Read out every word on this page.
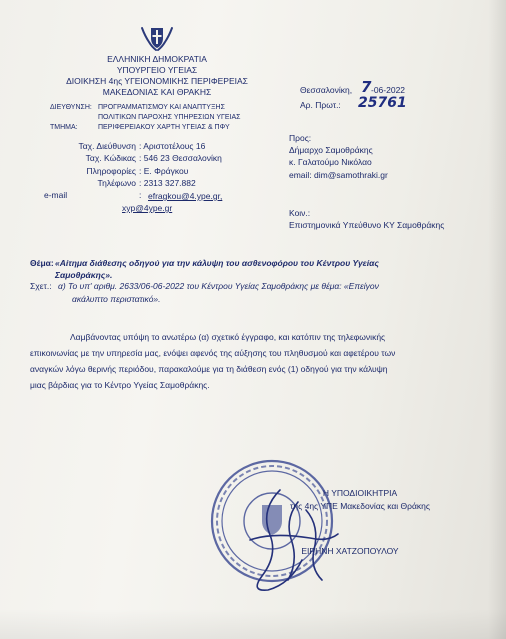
ΕΛΛΗΝΙΚΗ ΔΗΜΟΚΡΑΤΙΑ
ΥΠΟΥΡΓΕΙΟ ΥΓΕΙΑΣ
ΔΙΟΙΚΗΣΗ 4ης ΥΓΕΙΟΝΟΜΙΚΗΣ ΠΕΡΙΦΕΡΕΙΑΣ
ΜΑΚΕΔΟΝΙΑΣ ΚΑΙ ΘΡΑΚΗΣ
ΔΙΕΥΘΥΝΣΗ: ΠΡΟΓΡΑΜΜΑΤΙΣΜΟΥ ΚΑΙ ΑΝΑΠΤΥΞΗΣ
ΠΟΛΙΤΙΚΩΝ ΠΑΡΟΧΗΣ ΥΠΗΡΕΣΙΩΝ ΥΓΕΙΑΣ
ΤΜΗΜΑ:	ΠΕΡΙΦΕΡΕΙΑΚΟΥ ΧΑΡΤΗ ΥΓΕΙΑΣ & ΠΦΥ
Ταχ. Διεύθυνση : Αριστοτέλους 16
Ταχ. Κώδικας : 546 23 Θεσσαλονίκη
Πληροφορίες : Ε. Φράγκου
Τηλέφωνο : 2313 327.882
e-mail	: efragkou@4.ype.gr,
xyp@4ype.gr
Θεσσαλονίκη, 7 -06-2022
Αρ. Πρωτ.: 25761
Προς:
Δήμαρχο Σαμοθράκης
κ. Γαλατούμο Νικόλαο
email: dim@samothraki.gr
Κοιν.:
Επιστημονικά Υπεύθυνο ΚΥ Σαμοθράκης
Θέμα: «Αίτημα διάθεσης οδηγού για την κάλυψη του ασθενοφόρου του Κέντρου Υγείας
Σαμοθράκης».
Σχετ.: α) Το υπ' αριθμ. 2633/06-06-2022 του Κέντρου Υγείας Σαμοθράκης με θέμα: «Επείγον
ακάλυπτο περιστατικό».
Λαμβάνοντας υπόψη το ανωτέρω (α) σχετικό έγγραφο, και κατόπιν της τηλεφωνικής
επικοινωνίας με την υπηρεσία μας, ενόψει αφενός της αύξησης του πληθυσμού και αφετέρου των
αναγκών λόγω θερινής περιόδου, παρακαλούμε για τη διάθεση ενός (1) οδηγού για την κάλυψη
μιας βάρδιας για το Κέντρο Υγείας Σαμοθράκης.
Η ΥΠΟΔΙΟΙΚΗΤΡΙΑ
της 4ης ΥΠΕ Μακεδονίας και Θράκης
ΕΙΡΗΝΗ ΧΑΤΖΟΠΟΥΛΟΥ
